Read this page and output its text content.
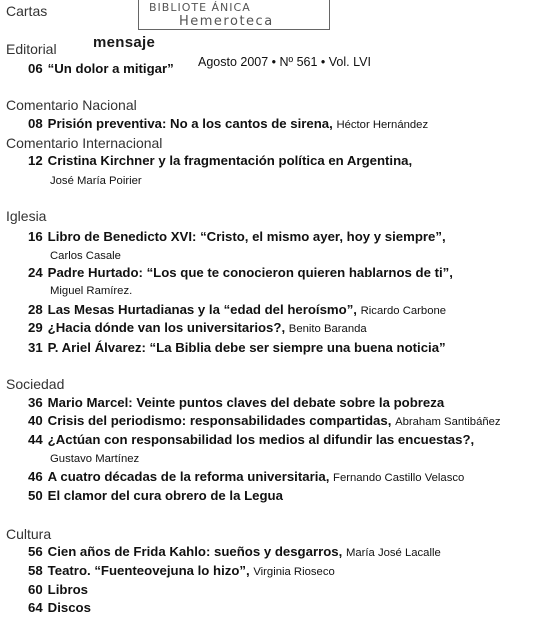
BIBLIOTE ÁNICA
Hemeroteca
Cartas
Editorial mensaje
Agosto 2007 • Nº 561 • Vol. LVI
06 “Un dolor a mitigar”
Comentario Nacional
08 Prisión preventiva: No a los cantos de sirena, Héctor Hernández
Comentario Internacional
12 Cristina Kirchner y la fragmentación política en Argentina,
José María Poirier
Iglesia
16 Libro de Benedicto XVI: “Cristo, el mismo ayer, hoy y siempre”,
Carlos Casale
24 Padre Hurtado: “Los que te conocieron quieren hablarnos de ti”,
Miguel Ramírez.
28 Las Mesas Hurtadianas y la “edad del heroísmo”, Ricardo Carbone
29 ¿Hacia dónde van los universitarios?, Benito Baranda
31 P. Ariel Álvarez: “La Biblia debe ser siempre una buena noticia”
Sociedad
36 Mario Marcel: Veinte puntos claves del debate sobre la pobreza
40 Crisis del periodismo: responsabilidades compartidas, Abraham Santibáñez
44 ¿Actúan con responsabilidad los medios al difundir las encuestas?,
Gustavo Martínez
46 A cuatro décadas de la reforma universitaria, Fernando Castillo Velasco
50 El clamor del cura obrero de la Legua
Cultura
56 Cien años de Frida Kahlo: sueños y desgarros, María José Lacalle
58 Teatro. “Fuenteovejuna lo hizo”, Virginia Rioseco
60 Libros
64 Discos
